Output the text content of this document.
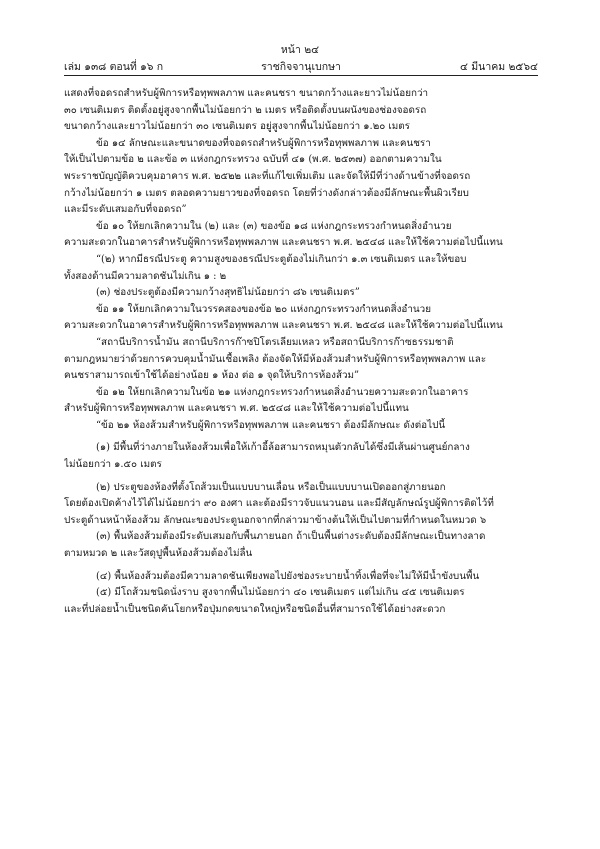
หน้า ๒๔
เล่ม ๑๓๘ ตอนที่ ๑๖ ก	ราชกิจจานุเบกษา	๔ มีนาคม ๒๕๖๔
แสดงที่จอดรถสำหรับผู้พิการหรือทุพพลภาพ และคนชรา ขนาดกว้างและยาวไม่น้อยกว่า
๓๐ เซนติเมตร ติดตั้งอยู่สูงจากพื้นไม่น้อยกว่า ๒ เมตร หรือติดตั้งบนผนังของช่องจอดรถ
ขนาดกว้างและยาวไม่น้อยกว่า ๓๐ เซนติเมตร อยู่สูงจากพื้นไม่น้อยกว่า ๑.๒๐ เมตร
ข้อ ๑๔ ลักษณะและขนาดของที่จอดรถสำหรับผู้พิการหรือทุพพลภาพ และคนชรา
ให้เป็นไปตามข้อ ๒ และข้อ ๓ แห่งกฎกระทรวง ฉบับที่ ๔๑ (พ.ศ. ๒๕๓๗) ออกตามความใน
พระราชบัญญัติควบคุมอาคาร พ.ศ. ๒๕๒๒ และที่แก้ไขเพิ่มเติม และจัดให้มีที่ว่างด้านข้างที่จอดรถ
กว้างไม่น้อยกว่า ๑ เมตร ตลอดความยาวของที่จอดรถ โดยที่ว่างดังกล่าวต้องมีลักษณะพื้นผิวเรียบ
และมีระดับเสมอกับที่จอดรถ”
ข้อ ๑๐ ให้ยกเลิกความใน (๒) และ (๓) ของข้อ ๑๘ แห่งกฎกระทรวงกำหนดสิ่งอำนวย
ความสะดวกในอาคารสำหรับผู้พิการหรือทุพพลภาพ และคนชรา พ.ศ. ๒๕๔๘ และให้ใช้ความต่อไปนี้แทน
“(๒) หากมีธรณีประตู ความสูงของธรณีประตูต้องไม่เกินกว่า ๑.๓ เซนติเมตร และให้ขอบ
ทั้งสองด้านมีความลาดชันไม่เกิน ๑ : ๒
(๓) ช่องประตูต้องมีความกว้างสุทธิไม่น้อยกว่า ๘๖ เซนติเมตร”
ข้อ ๑๑ ให้ยกเลิกความในวรรคสองของข้อ ๒๐ แห่งกฎกระทรวงกำหนดสิ่งอำนวย
ความสะดวกในอาคารสำหรับผู้พิการหรือทุพพลภาพ และคนชรา พ.ศ. ๒๕๔๘ และให้ใช้ความต่อไปนี้แทน
“สถานีบริการน้ำมัน สถานีบริการก๊าซปิโตรเลียมเหลว หรือสถานีบริการก๊าซธรรมชาติ
ตามกฎหมายว่าด้วยการควบคุมน้ำมันเชื้อเพลิง ต้องจัดให้มีห้องส้วมสำหรับผู้พิการหรือทุพพลภาพ และ
คนชราสามารถเข้าใช้ได้อย่างน้อย ๑ ห้อง ต่อ ๑ จุดให้บริการห้องส้วม”
ข้อ ๑๒ ให้ยกเลิกความในข้อ ๒๑ แห่งกฎกระทรวงกำหนดสิ่งอำนวยความสะดวกในอาคาร
สำหรับผู้พิการหรือทุพพลภาพ และคนชรา พ.ศ. ๒๕๔๘ และให้ใช้ความต่อไปนี้แทน
“ข้อ ๒๑ ห้องส้วมสำหรับผู้พิการหรือทุพพลภาพ และคนชรา ต้องมีลักษณะ ดังต่อไปนี้
(๑) มีพื้นที่ว่างภายในห้องส้วมเพื่อให้เก้าอี้ล้อสามารถหมุนตัวกลับได้ซึ่งมีเส้นผ่านศูนย์กลาง
ไม่น้อยกว่า ๑.๕๐ เมตร
(๒) ประตูของห้องที่ตั้งโถส้วมเป็นแบบบานเลื่อน หรือเป็นแบบบานเปิดออกสู่ภายนอก
โดยต้องเปิดค้างไว้ได้ไม่น้อยกว่า ๙๐ องศา และต้องมีราวจับแนวนอน และมีสัญลักษณ์รูปผู้พิการติดไว้ที่
ประตูด้านหน้าห้องส้วม ลักษณะของประตูนอกจากที่กล่าวมาข้างต้นให้เป็นไปตามที่กำหนดในหมวด ๖
(๓) พื้นห้องส้วมต้องมีระดับเสมอกับพื้นภายนอก ถ้าเป็นพื้นต่างระดับต้องมีลักษณะเป็นทางลาด
ตามหมวด ๒ และวัสดุปูพื้นห้องส้วมต้องไม่ลื่น
(๔) พื้นห้องส้วมต้องมีความลาดชันเพียงพอไปยังช่องระบายน้ำทิ้งเพื่อที่จะไม่ให้มีน้ำขังบนพื้น
(๕) มีโถส้วมชนิดนั่งราบ สูงจากพื้นไม่น้อยกว่า ๔๐ เซนติเมตร แต่ไม่เกิน ๔๕ เซนติเมตร
และที่ปล่อยน้ำเป็นชนิดคันโยกหรือปุ่มกดขนาดใหญ่หรือชนิดอื่นที่สามารถใช้ได้อย่างสะดวก
